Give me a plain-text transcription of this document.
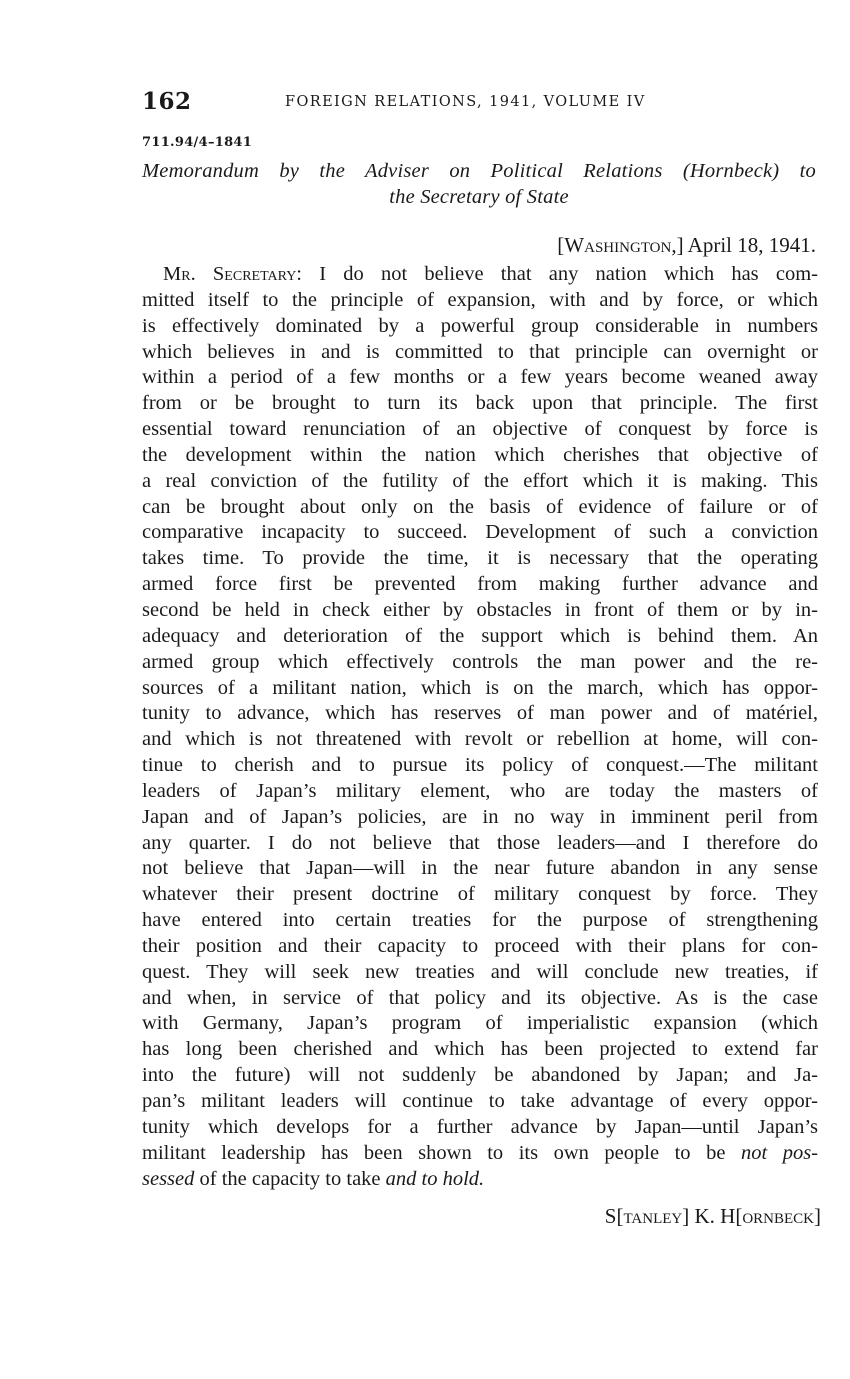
162	FOREIGN RELATIONS, 1941, VOLUME IV
711.94/4–1841
Memorandum by the Adviser on Political Relations (Hornbeck) to
the Secretary of State
[Washington,] April 18, 1941.
Mr. Secretary: I do not believe that any nation which has com-
mitted itself to the principle of expansion, with and by force, or which
is effectively dominated by a powerful group considerable in numbers
which believes in and is committed to that principle can overnight or
within a period of a few months or a few years become weaned away
from or be brought to turn its back upon that principle. The first
essential toward renunciation of an objective of conquest by force is
the development within the nation which cherishes that objective of
a real conviction of the futility of the effort which it is making. This
can be brought about only on the basis of evidence of failure or of
comparative incapacity to succeed. Development of such a conviction
takes time. To provide the time, it is necessary that the operating
armed force first be prevented from making further advance and
second be held in check either by obstacles in front of them or by in-
adequacy and deterioration of the support which is behind them. An
armed group which effectively controls the man power and the re-
sources of a militant nation, which is on the march, which has oppor-
tunity to advance, which has reserves of man power and of matériel,
and which is not threatened with revolt or rebellion at home, will con-
tinue to cherish and to pursue its policy of conquest.—The militant
leaders of Japan’s military element, who are today the masters of
Japan and of Japan’s policies, are in no way in imminent peril from
any quarter. I do not believe that those leaders—and I therefore do
not believe that Japan—will in the near future abandon in any sense
whatever their present doctrine of military conquest by force. They
have entered into certain treaties for the purpose of strengthening
their position and their capacity to proceed with their plans for con-
quest. They will seek new treaties and will conclude new treaties, if
and when, in service of that policy and its objective. As is the case
with Germany, Japan’s program of imperialistic expansion (which
has long been cherished and which has been projected to extend far
into the future) will not suddenly be abandoned by Japan; and Ja-
pan’s militant leaders will continue to take advantage of every oppor-
tunity which develops for a further advance by Japan—until Japan’s
militant leadership has been shown to its own people to be not pos-
sessed of the capacity to take and to hold.
S[tanley] K. H[ornbeck]
